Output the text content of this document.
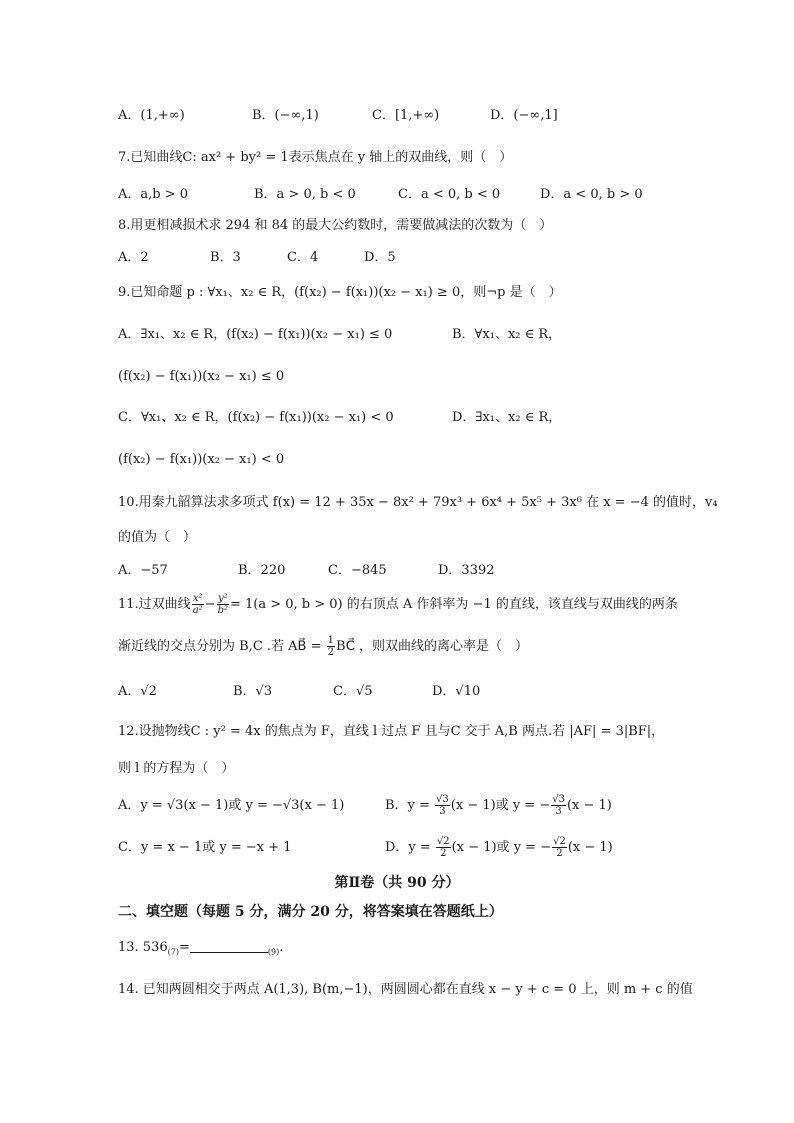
A．(1,+∞)	B．(−∞,1)	C．[1,+∞)	D．(−∞,1]
7.已知曲线C: ax² + by² = 1表示焦点在 y 轴上的双曲线，则（　）
A．a,b > 0	B．a > 0, b < 0	C．a < 0, b < 0	D．a < 0, b > 0
8.用更相减损术求 294 和 84 的最大公约数时，需要做减法的次数为（　）
A．2	B．3	C．4	D．5
9.已知命题 p : ∀x₁、x₂ ∈ R，(f(x₂) − f(x₁))(x₂ − x₁) ≥ 0，则¬p 是（　）
A．∃x₁、x₂ ∈ R，(f(x₂) − f(x₁))(x₂ − x₁) ≤ 0	B．∀x₁、x₂ ∈ R，
(f(x₂) − f(x₁))(x₂ − x₁) ≤ 0
C．∀x₁、x₂ ∈ R，(f(x₂) − f(x₁))(x₂ − x₁) < 0	D．∃x₁、x₂ ∈ R，
(f(x₂) − f(x₁))(x₂ − x₁) < 0
10.用秦九韶算法求多项式 f(x) = 12 + 35x − 8x² + 79x³ + 6x⁴ + 5x⁵ + 3x⁶ 在 x = −4 的值时，v₄
的值为（　）
A．−57	B．220	C．−845	D．3392
11.过双曲线 $\frac{\text{x²}}{\text{a²}} - \frac{\text{y²}}{\text{b²}} = 1(a > 0$, b > 0) 的右顶点 A 作斜率为 −1 的直线，该直线与双曲线的两条
渐近线的交点分别为 B,C .若 AB⃗ = $\frac{1}{2}$ BC⃗ ，则双曲线的离心率是（　）
A．√2	B．√3	C．√5	D．√10
12.设抛物线C : y² = 4x 的焦点为 F，直线 l 过点 F 且与C 交于 A,B 两点.若 |AF| = 3|BF|，
则 l 的方程为（　）
A．y = √3(x − 1)或 y = −√3(x − 1)	B．$y = \frac{√3}{3} (x - 1)$或 y = − $\frac{√3}{3} (x - 1)$
C．y = x − 1或 y = −x + 1	D．$y = \frac{√2}{2} (x - 1)$或 y = − $\frac{√2}{2} (x - 1)$
第Ⅱ卷（共 90 分）
二、填空题（每题 5 分，满分 20 分，将答案填在答题纸上）
13. $536_{(7)}=$	$_{(9)}$.
14. 已知两圆相交于两点 A(1,3), B(m,−1)，两圆圆心都在直线 x − y + c = 0 上，则 m + c 的值
